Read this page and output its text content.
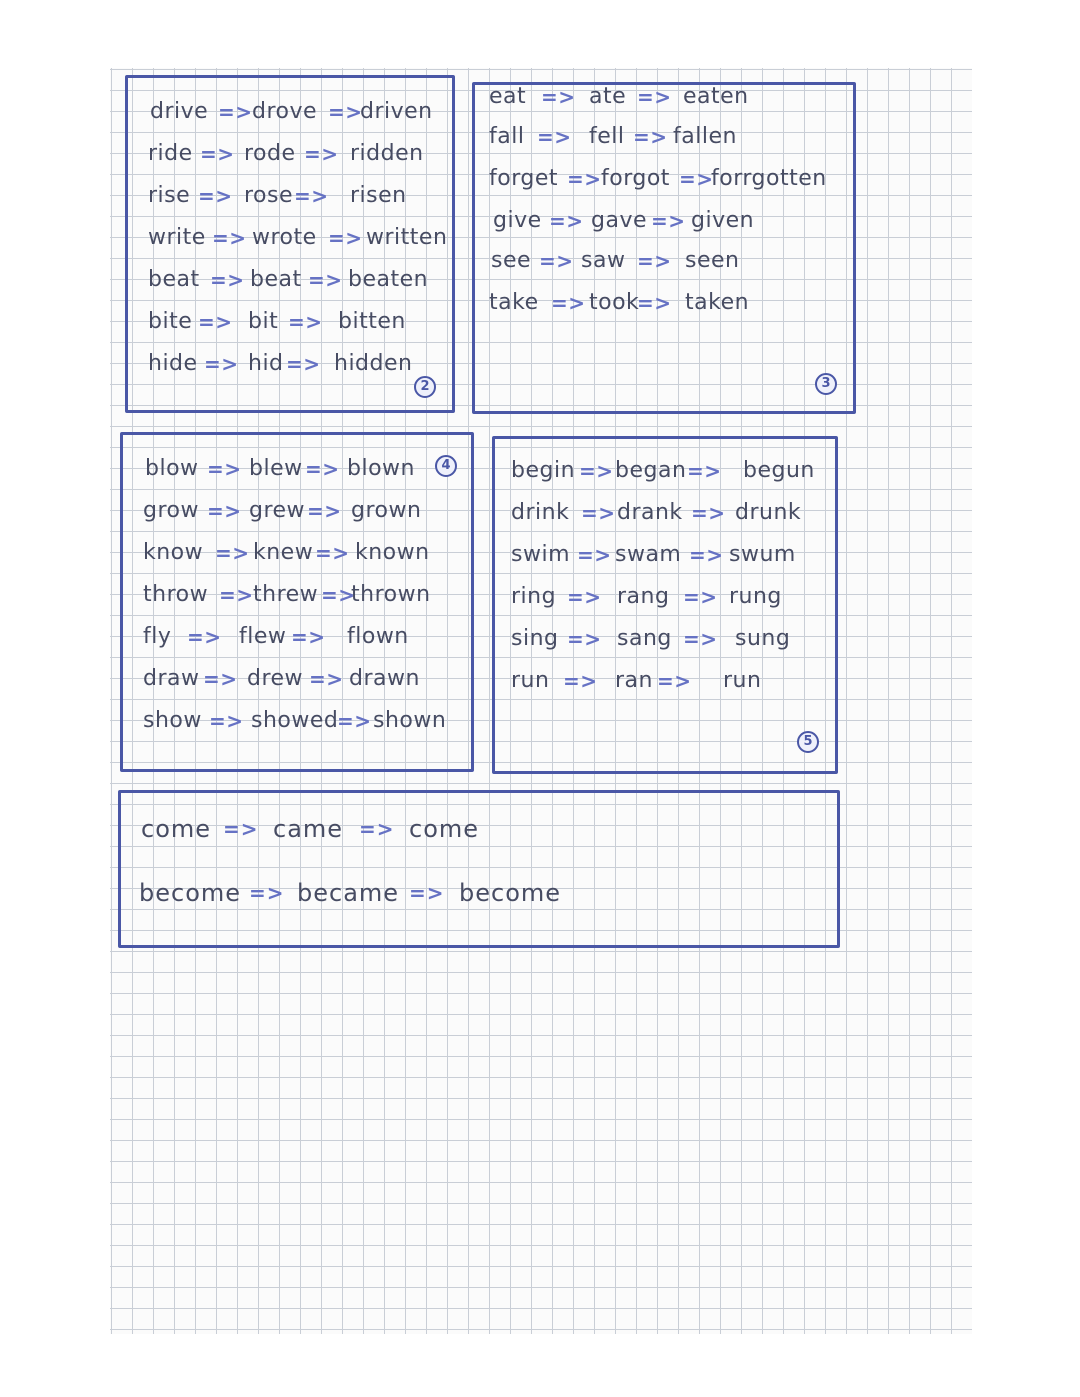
drive => drove =>
driven
ride => rode => ridden
rise => rose => risen
write => wrote => written
beat => beat => beaten
bite => bit => bitten
hide => hid => hidden
2
eat => ate => eaten
fall => fell => fallen
forget => forgot =>
forrgotten
give => gave => given
see => saw => seen
take => took
=> taken
3
blow => blew => blown
grow => grew => grown
know => knew => known
throw => threw =>
thrown
fly => flew => flown
draw => drew => drawn
show => showed
=> shown
4	begin => began => begun
drink => drank => drunk
swim => swam => swum
ring => rang => rung
sing => sang => sung
run => ran => run
5
come => came => come
become => became => become
